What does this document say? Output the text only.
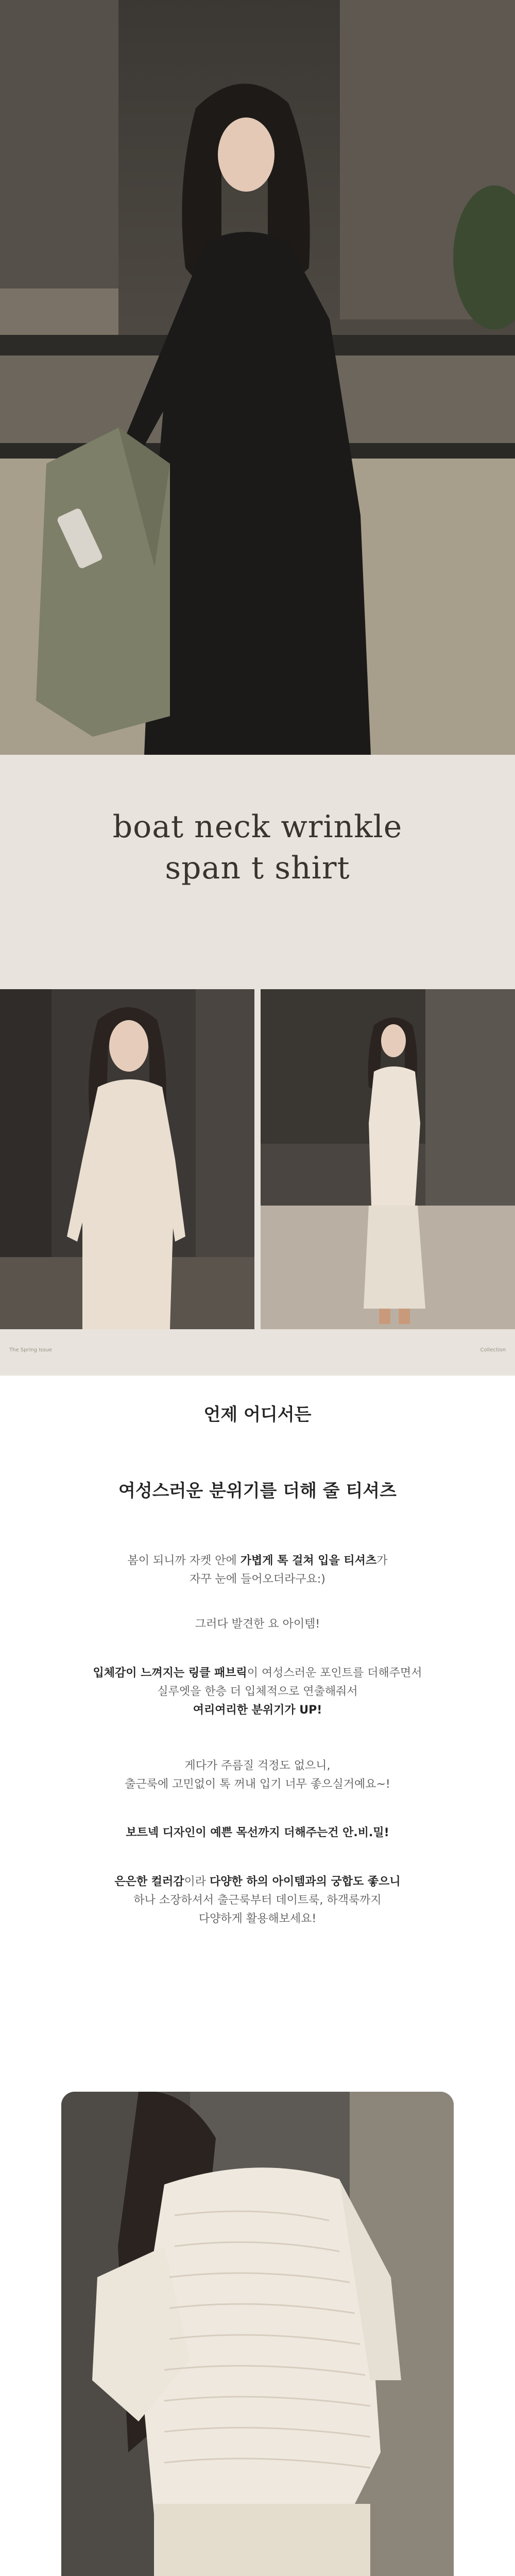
boat neck wrinkle
span t shirt
The Spring Issue	Collection
언제 어디서든
여성스러운 분위기를 더해 줄 티셔츠
봄이 되니까 자켓 안에 가볍게 톡 걸쳐 입을 티셔츠가
자꾸 눈에 들어오더라구요:)
그러다 발견한 요 아이템!
입체감이 느껴지는 링클 패브릭이 여성스러운 포인트를 더해주면서
실루엣을 한층 더 입체적으로 연출해줘서
여리여리한 분위기가 UP!
게다가 주름질 걱정도 없으니,
출근룩에 고민없이 톡 꺼내 입기 너무 좋으실거예요~!
보트넥 디자인이 예쁜 목선까지 더해주는건 안.비.밀!
은은한 컬러감이라 다양한 하의 아이템과의 궁합도 좋으니
하나 소장하셔서 출근룩부터 데이트룩, 하객룩까지
다양하게 활용해보세요!
